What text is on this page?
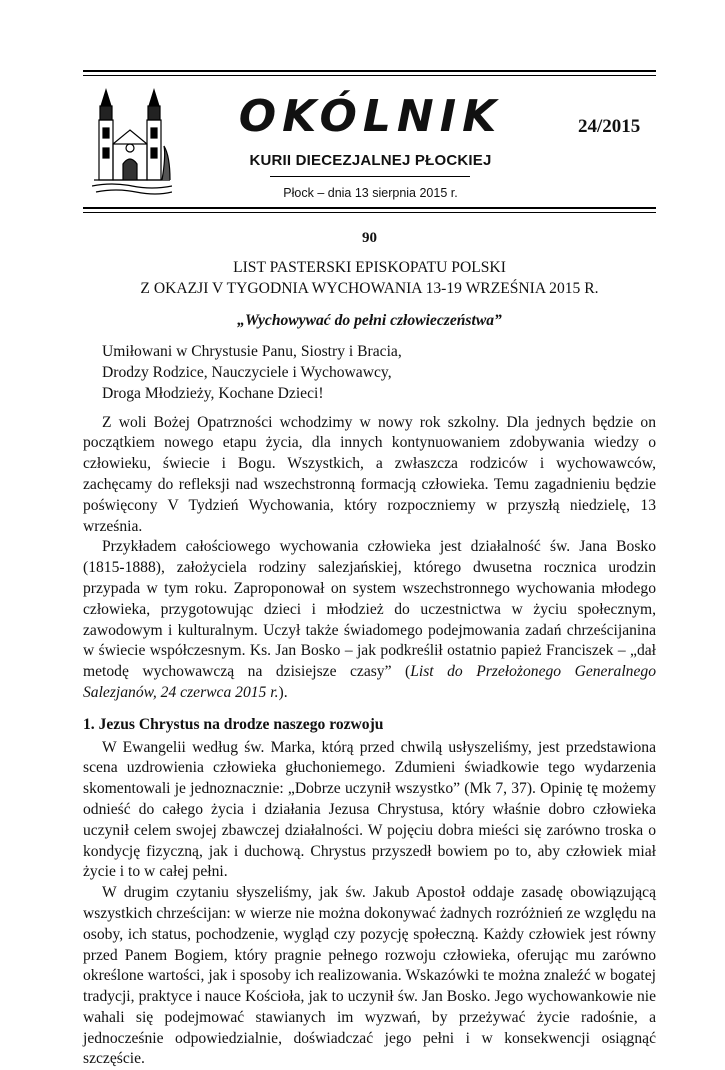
OKÓLNIK
KURII DIECEZJALNEJ PŁOCKIEJ
Płock – dnia 13 sierpnia 2015 r.
24/2015
90
LIST PASTERSKI EPISKOPATU POLSKI
Z OKAZJI V TYGODNIA WYCHOWANIA 13-19 WRZEŚNIA 2015 R.
„Wychowywać do pełni człowieczeństwa”
Umiłowani w Chrystusie Panu, Siostry i Bracia,
Drodzy Rodzice, Nauczyciele i Wychowawcy,
Droga Młodzieży, Kochane Dzieci!

Z woli Bożej Opatrzności wchodzimy w nowy rok szkolny. Dla jednych będzie on początkiem nowego etapu życia, dla innych kontynuowaniem zdobywania wiedzy o człowieku, świecie i Bogu. Wszystkich, a zwłaszcza rodziców i wychowawców, zachęcamy do refleksji nad wszechstronną formacją człowieka. Temu zagadnieniu będzie poświęcony V Tydzień Wychowania, który rozpoczniemy w przyszłą niedzielę, 13 września.

Przykładem całościowego wychowania człowieka jest działalność św. Jana Bosko (1815-1888), założyciela rodziny salezjańskiej, którego dwusetna rocznica urodzin przypada w tym roku. Zaproponował on system wszechstronnego wychowania młodego człowieka, przygotowując dzieci i młodzież do uczestnictwa w życiu społecznym, zawodowym i kulturalnym. Uczył także świadomego podejmowania zadań chrześcijanina w świecie współczesnym. Ks. Jan Bosko – jak podkreślił ostatnio papież Franciszek – „dał metodę wychowawczą na dzisiejsze czasy” (List do Przełożonego Generalnego Salezjanów, 24 czerwca 2015 r.).

1. Jezus Chrystus na drodze naszego rozwoju

W Ewangelii według św. Marka, którą przed chwilą usłyszeliśmy, jest przedstawiona scena uzdrowienia człowieka głuchoniemego. Zdumieni świadkowie tego wydarzenia skomentowali je jednoznacznie: „Dobrze uczynił wszystko” (Mk 7, 37). Opinię tę możemy odnieść do całego życia i działania Jezusa Chrystusa, który właśnie dobro człowieka uczynił celem swojej zbawczej działalności. W pojęciu dobra mieści się zarówno troska o kondycję fizyczną, jak i duchową. Chrystus przyszedł bowiem po to, aby człowiek miał życie i to w całej pełni.

W drugim czytaniu słyszeliśmy, jak św. Jakub Apostoł oddaje zasadę obowiązującą wszystkich chrześcijan: w wierze nie można dokonywać żadnych rozróżnień ze względu na osoby, ich status, pochodzenie, wygląd czy pozycję społeczną. Każdy człowiek jest równy przed Panem Bogiem, który pragnie pełnego rozwoju człowieka, oferując mu zarówno określone wartości, jak i sposoby ich realizowania. Wskazówki te można znaleźć w bogatej tradycji, praktyce i nauce Kościoła, jak to uczynił św. Jan Bosko. Jego wychowankowie nie wahali się podejmować stawianych im wyzwań, by przeżywać życie radośnie, a jednocześnie odpowiedzialnie, doświadczać jego pełni i w konsekwencji osiągnąć szczęście.
